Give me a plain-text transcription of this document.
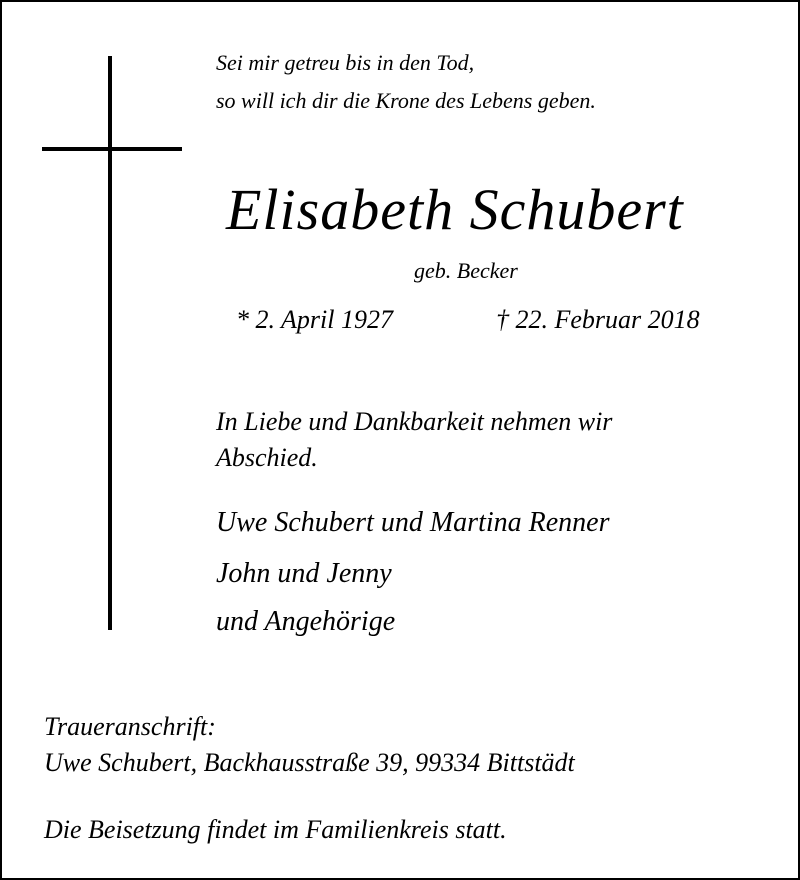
Sei mir getreu bis in den Tod,
so will ich dir die Krone des Lebens geben.
Elisabeth Schubert
geb. Becker
* 2. April 1927	† 22. Februar 2018
In Liebe und Dankbarkeit nehmen wir
Abschied.
Uwe Schubert und Martina Renner
John und Jenny
und Angehörige
Traueranschrift:
Uwe Schubert, Backhausstraße 39, 99334 Bittstädt
Die Beisetzung findet im Familienkreis statt.
